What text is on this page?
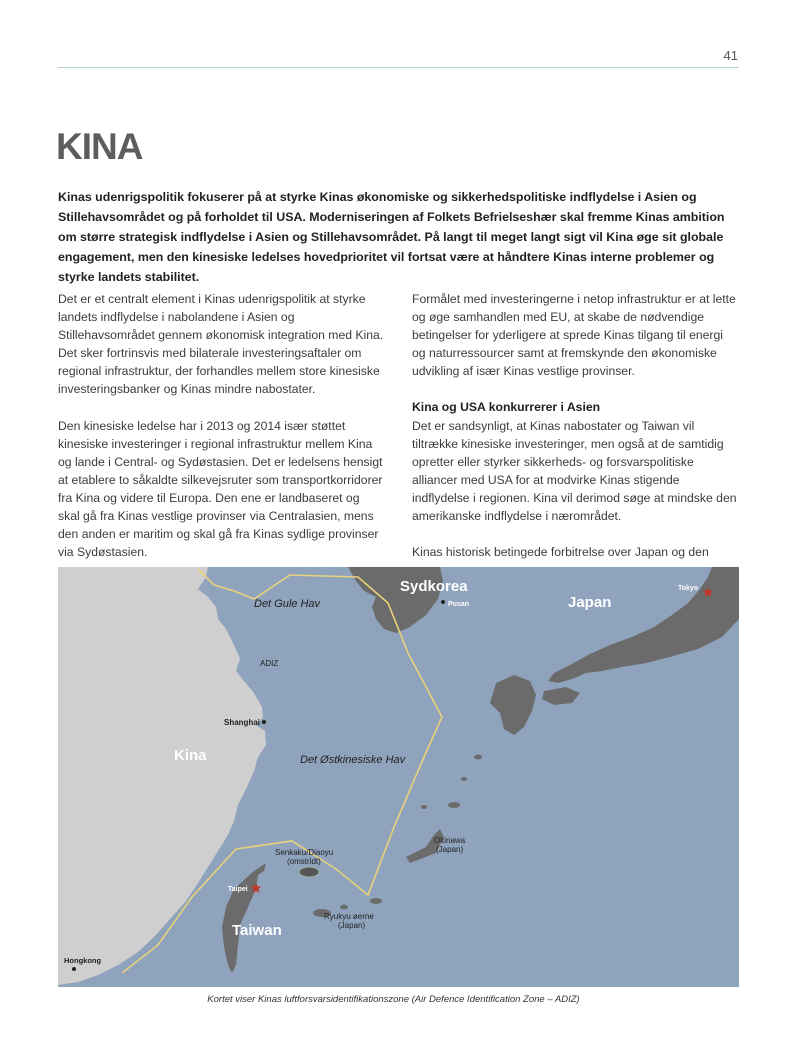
41
KINA

Kinas udenrigspolitik fokuserer på at styrke Kinas økonomiske og sikkerhedspolitiske indflydelse i Asien og Stillehavsområdet og på forholdet til USA. Moderniseringen af Folkets Befrielseshær skal fremme Kinas ambition om større strategisk indflydelse i Asien og Stillehavsområdet. På langt til meget langt sigt vil Kina øge sit globale engagement, men den kinesiske ledelses hovedprioritet vil fortsat være at håndtere Kinas interne problemer og styrke landets stabilitet.

Det er et centralt element i Kinas udenrigspolitik at styrke landets indflydelse i nabolandene i Asien og Stillehavsområdet gennem økonomisk integration med Kina. Det sker fortrinsvis med bilaterale investeringsaftaler om regional infrastruktur, der forhandles mellem store kinesiske investeringsbanker og Kinas mindre nabostater.

Den kinesiske ledelse har i 2013 og 2014 især støttet kinesiske investeringer i regional infrastruktur mellem Kina og lande i Central- og Sydøstasien. Det er ledelsens hensigt at etablere to såkaldte silkevejsruter som transportkorridorer fra Kina og videre til Europa. Den ene er landbaseret og skal gå fra Kinas vestlige provinser via Centralasien, mens den anden er maritim og skal gå fra Kinas sydlige provinser via Sydøstasien.

Formålet med investeringerne i netop infrastruktur er at lette og øge samhandlen med EU, at skabe de nødvendige betingelser for yderligere at sprede Kinas tilgang til energi og naturressourcer samt at fremskynde den økonomiske udvikling af især Kinas vestlige provinser.

Kina og USA konkurrerer i Asien

Det er sandsynligt, at Kinas nabostater og Taiwan vil tiltrække kinesiske investeringer, men også at de samtidig opretter eller styrker sikkerheds- og forsvarspolitiske alliancer med USA for at modvirke Kinas stigende indflydelse i regionen. Kina vil derimod søge at mindske den amerikanske indflydelse i nærområdet.

Kinas historisk betingede forbitrelse over Japan og den

Sydkorea
Japan
Kina
Taiwan
Det Gule Hav
Det Østkinesiske Hav
ADIZ
Shanghai
Pusan
Tokyo
Taipei
Hongkong
Senkaku/Diaoyu
(omstridt)
Okinawa
(Japan)
Ryukyu øerne
(Japan)
Kortet viser Kinas luftforsvarsidentifikationszone (Air Defence Identification Zone – ADIZ)
